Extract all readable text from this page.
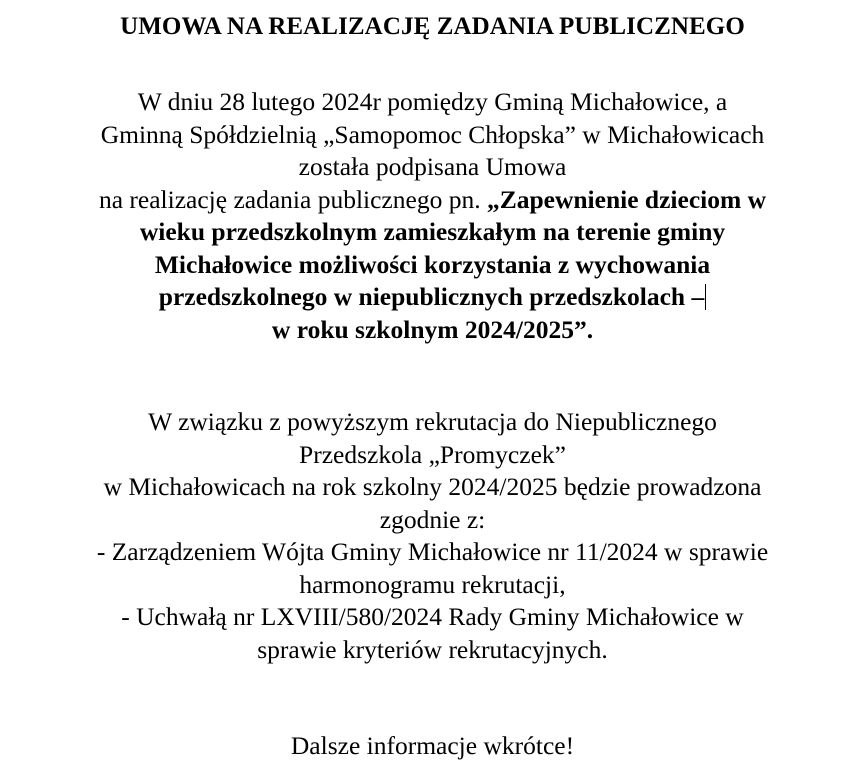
UMOWA NA REALIZACJĘ ZADANIA PUBLICZNEGO
W dniu 28 lutego 2024r pomiędzy Gminą Michałowice, a
Gminną Spółdzielnią „Samopomoc Chłopska” w Michałowicach
została podpisana Umowa
na realizację zadania publicznego pn. „Zapewnienie dzieciom w
wieku przedszkolnym zamieszkałym na terenie gminy
Michałowice możliwości korzystania z wychowania
przedszkolnego w niepublicznych przedszkolach –
w roku szkolnym 2024/2025”.
W związku z powyższym rekrutacja do Niepublicznego
Przedszkola „Promyczek”
w Michałowicach na rok szkolny 2024/2025 będzie prowadzona
zgodnie z:
- Zarządzeniem Wójta Gminy Michałowice nr 11/2024 w sprawie
harmonogramu rekrutacji,
- Uchwałą nr LXVIII/580/2024 Rady Gminy Michałowice w
sprawie kryteriów rekrutacyjnych.
Dalsze informacje wkrótce!
